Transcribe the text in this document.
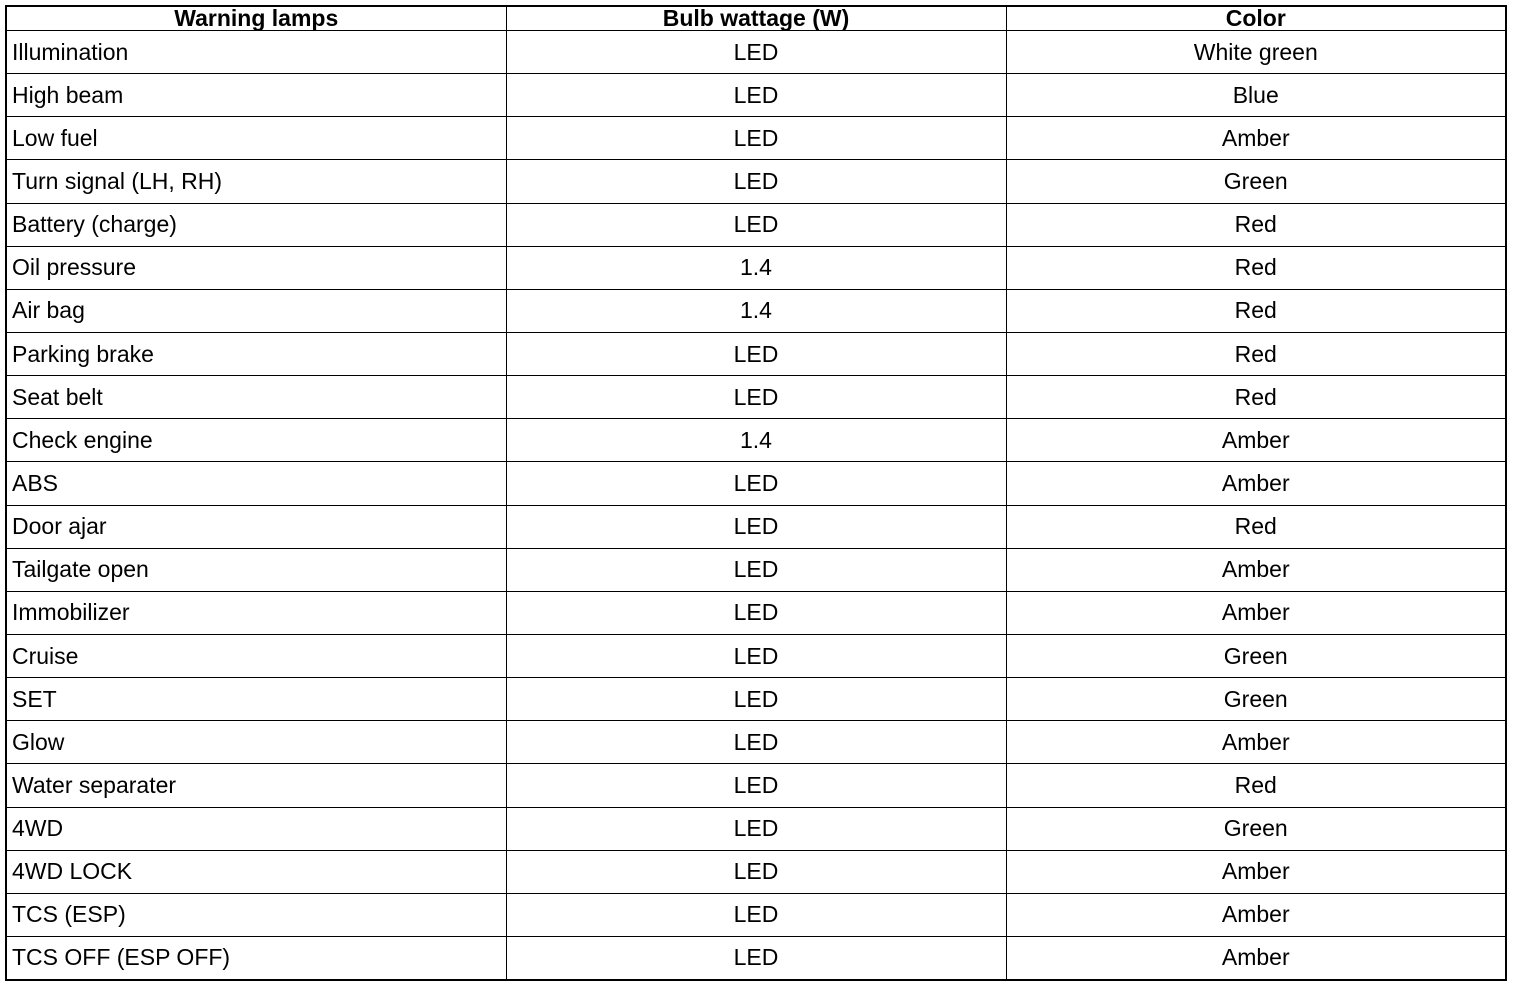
Warning lamps	Bulb wattage (W)	Color
Illumination	LED	White green
High beam	LED	Blue
Low fuel	LED	Amber
Turn signal (LH, RH)	LED	Green
Battery (charge)	LED	Red
Oil pressure	1.4	Red
Air bag	1.4	Red
Parking brake	LED	Red
Seat belt	LED	Red
Check engine	1.4	Amber
ABS	LED	Amber
Door ajar	LED	Red
Tailgate open	LED	Amber
Immobilizer	LED	Amber
Cruise	LED	Green
SET	LED	Green
Glow	LED	Amber
Water separater	LED	Red
4WD	LED	Green
4WD LOCK	LED	Amber
TCS (ESP)	LED	Amber
TCS OFF (ESP OFF)	LED	Amber
